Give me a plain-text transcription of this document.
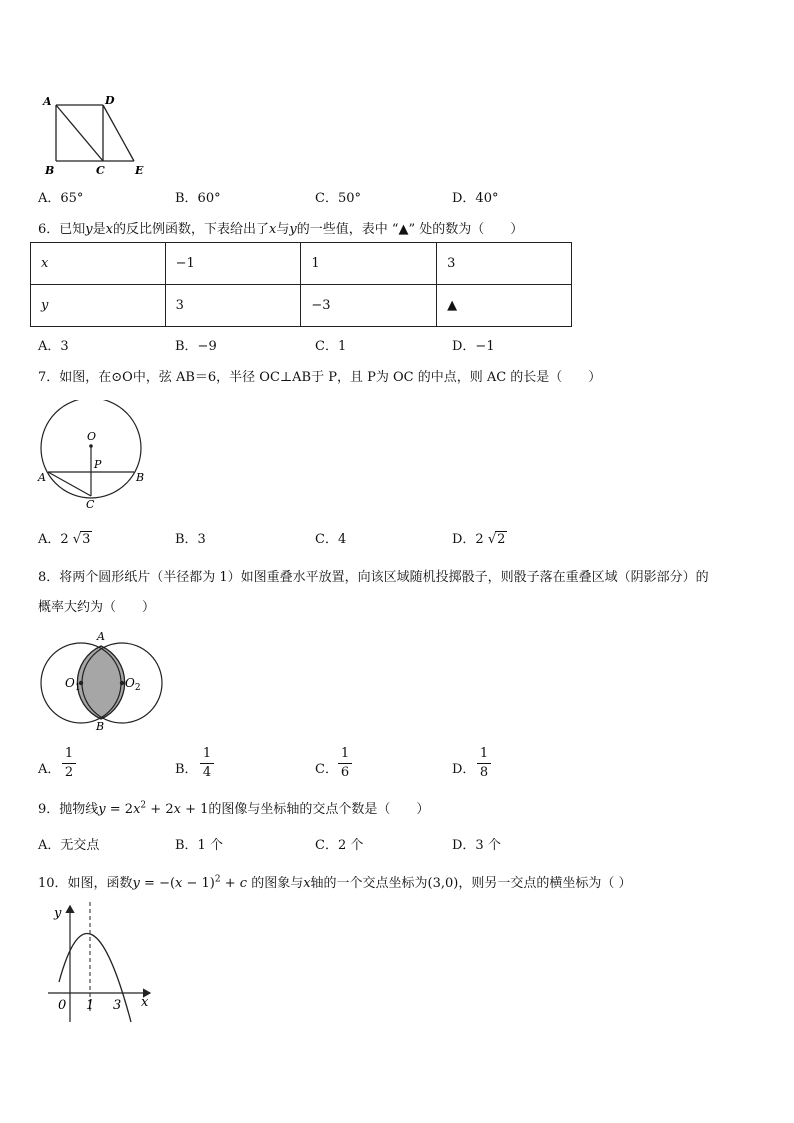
A	D
B	C	E
A．65°	B．60°	C．50°	D．40°
6．已知y是x的反比例函数，下表给出了x与y的一些值，表中 “▲” 处的数为（　　）
x	−1	1	3
y	3	−3	▲
A．3	B．−9	C．1	D．−1
7．如图，在⊙O中，弦 AB＝6，半径 OC⊥AB于 P，且 P为 OC 的中点，则 AC 的长是（　　）
O
P
A	B
C
A．2 √3	B．3	C．4	D．2 √2
8．将两个圆形纸片（半径都为 1）如图重叠水平放置，向该区域随机投掷骰子，则骰子落在重叠区域（阴影部分）的
概率大约为（　　）
A
B
$O_1$	$O_2$
A．
1
2	B．
1
4	C．
1
6	D．
1
8
9．抛物线$y = 2x^2 + 2x + 1$的图像与坐标轴的交点个数是（　　）
A．无交点	B．1 个	C．2 个	D．3 个
10．如图，函数$y = -(x - 1)^2 + c$ 的图象与x轴的一个交点坐标为(3,0)，则另一交点的横坐标为（ ）
y
x
0 1 3
